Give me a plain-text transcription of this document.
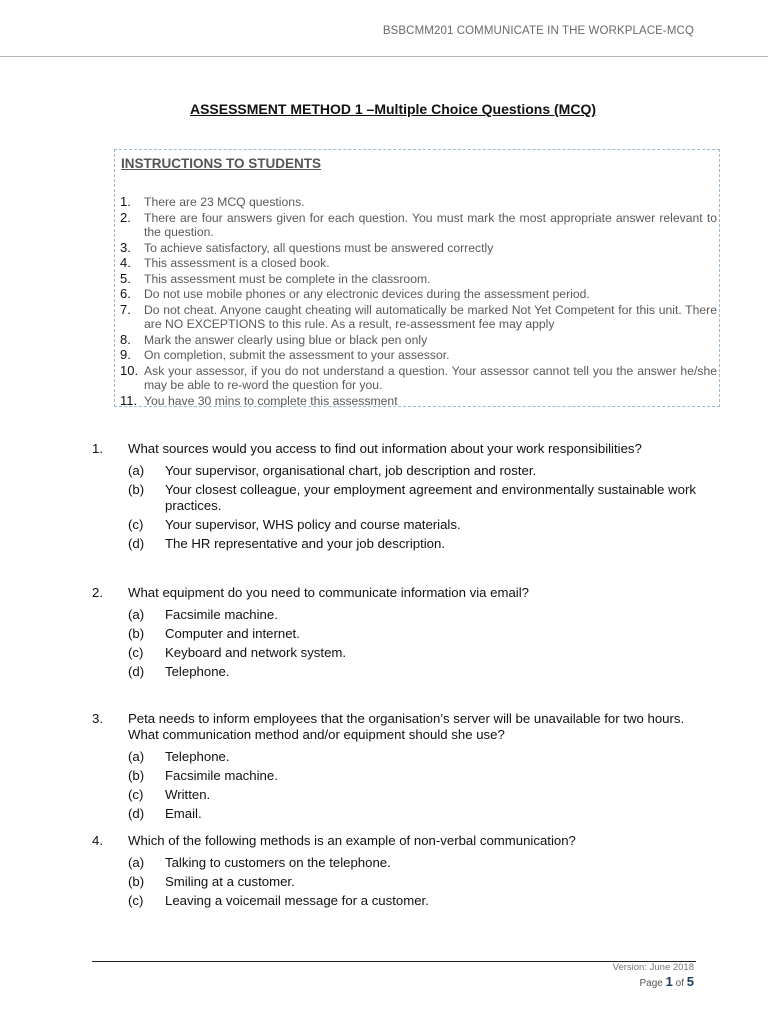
BSBCMM201 COMMUNICATE IN THE WORKPLACE-MCQ
ASSESSMENT METHOD 1 –Multiple Choice Questions (MCQ)
INSTRUCTIONS TO STUDENTS
1.	There are 23 MCQ questions.
2.	There are four answers given for each question. You must mark the most appropriate answer relevant to the question.
3.	To achieve satisfactory, all questions must be answered correctly
4.	This assessment is a closed book.
5.	This assessment must be complete in the classroom.
6.	Do not use mobile phones or any electronic devices during the assessment period.
7.	Do not cheat. Anyone caught cheating will automatically be marked Not Yet Competent for this unit. There are NO EXCEPTIONS to this rule. As a result, re-assessment fee may apply
8.	Mark the answer clearly using blue or black pen only
9.	On completion, submit the assessment to your assessor.
10. Ask your assessor, if you do not understand a question. Your assessor cannot tell you the answer he/she may be able to re-word the question for you.
11. You have 30 mins to complete this assessment
1.	What sources would you access to find out information about your work responsibilities?
(a)	Your supervisor, organisational chart, job description and roster.
(b)	Your closest colleague, your employment agreement and environmentally sustainable work practices.
(c)	Your supervisor, WHS policy and course materials.
(d)	The HR representative and your job description.
2.	What equipment do you need to communicate information via email?
(a)	Facsimile machine.
(b)	Computer and internet.
(c)	Keyboard and network system.
(d)	Telephone.
3.	Peta needs to inform employees that the organisation’s server will be unavailable for two hours. What communication method and/or equipment should she use?
(a)	Telephone.
(b)	Facsimile machine.
(c)	Written.
(d)	Email.
4.	Which of the following methods is an example of non-verbal communication?
(a)	Talking to customers on the telephone.
(b)	Smiling at a customer.
(c)	Leaving a voicemail message for a customer.
Version: June 2018
Page 1 of 5
